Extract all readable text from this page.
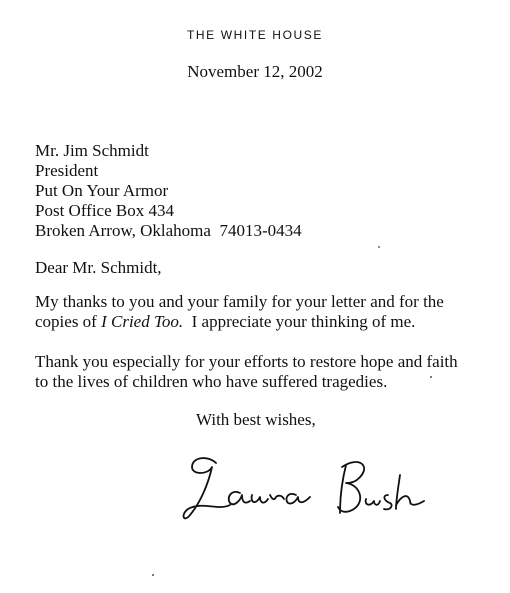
THE WHITE HOUSE
November 12, 2002
Mr. Jim Schmidt
President
Put On Your Armor
Post Office Box 434
Broken Arrow, Oklahoma  74013-0434
Dear Mr. Schmidt,
My thanks to you and your family for your letter and for the copies of I Cried Too.  I appreciate your thinking of me.
Thank you especially for your efforts to restore hope and faith to the lives of children who have suffered tragedies.
With best wishes,
